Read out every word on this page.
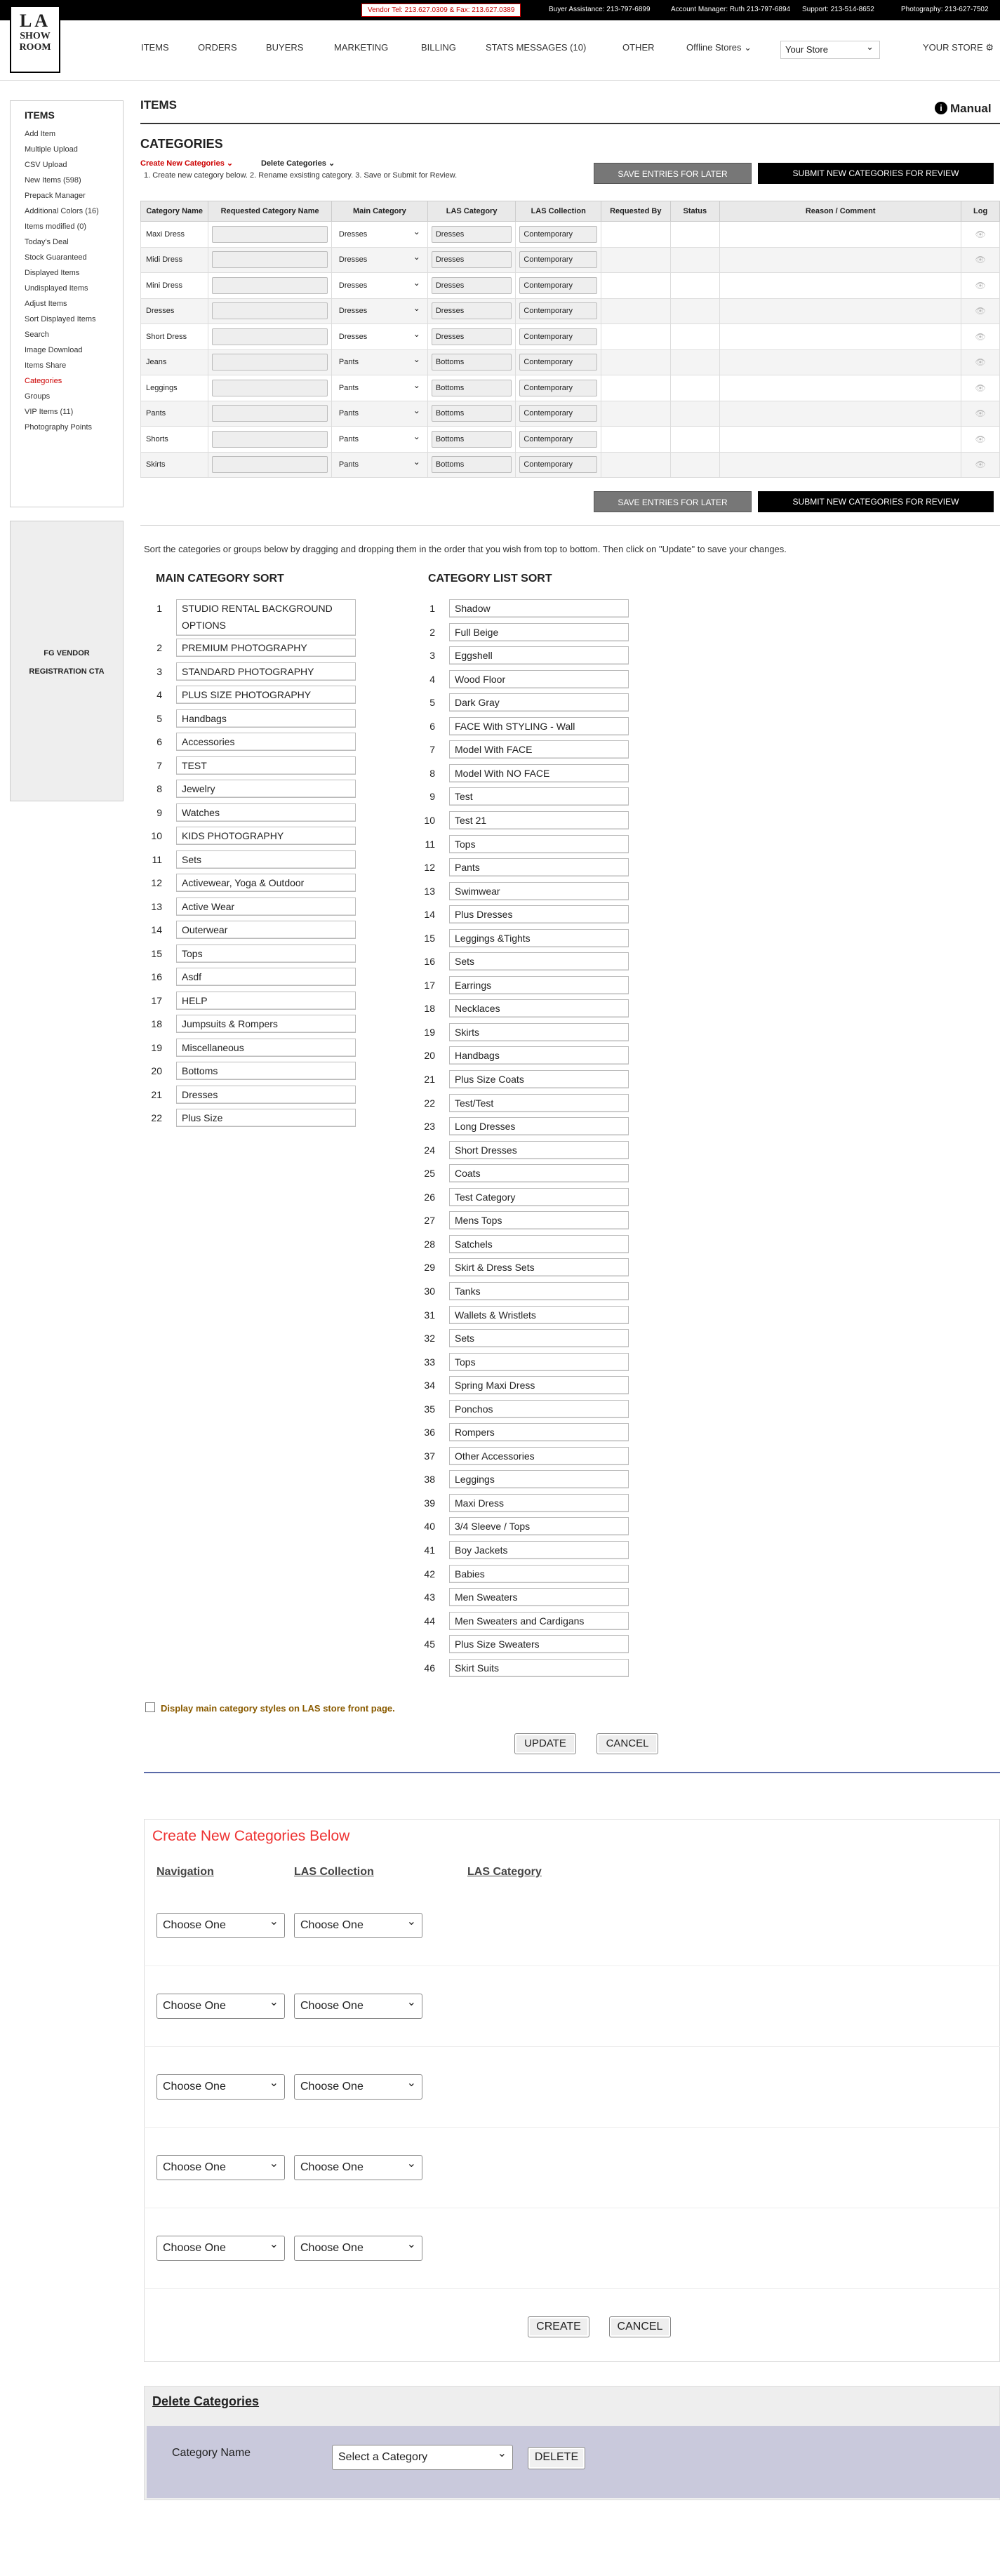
Vendor Tel: 213.627.0309 & Fax: 213.627.0389	Buyer Assistance: 213-797-6899	Account Manager: Ruth 213-797-6894 Support: 213-514-8652	Photography: 213-627-7502
LA
SHOW
ROOM	ITEMS	ORDERS	BUYERS	MARKETING	BILLING	STATS MESSAGES (10)	OTHER	Offline Stores ⌄	Your Store	⌄	YOUR STORE ⚙
ITEMS
Add Item
Multiple Upload
CSV Upload
New Items (598)
Prepack Manager
Additional Colors (16)
Items modified (0)
Today's Deal
Stock Guaranteed
Displayed Items
Undisplayed Items
Adjust Items
Sort Displayed Items
Search
Image Download
Items Share
Categories
Groups
VIP Items (11)
Photography Points
FG VENDOR
REGISTRATION CTA
ITEMS	i Manual
CATEGORIES
Create New Categories ⌄	Delete Categories ⌄
1. Create new category below. 2. Rename exsisting category. 3. Save or Submit for Review.	SAVE ENTRIES FOR LATER	SUBMIT NEW CATEGORIES FOR REVIEW
Category Name	Requested Category Name	Main Category	LAS Category	LAS Collection	Requested By	Status	Reason / Comment	Log
Maxi Dress		Dresses ⌄	Dresses	Contemporary				👁
Midi Dress		Dresses ⌄	Dresses	Contemporary				👁
Mini Dress		Dresses ⌄	Dresses	Contemporary				👁
Dresses		Dresses ⌄	Dresses	Contemporary				👁
Short Dress		Dresses ⌄	Dresses	Contemporary				👁
Jeans		Pants ⌄	Bottoms	Contemporary				👁
Leggings		Pants ⌄	Bottoms	Contemporary				👁
Pants		Pants ⌄	Bottoms	Contemporary				👁
Shorts		Pants ⌄	Bottoms	Contemporary				👁
Skirts		Pants ⌄	Bottoms	Contemporary				👁
SAVE ENTRIES FOR LATER	SUBMIT NEW CATEGORIES FOR REVIEW
Sort the categories or groups below by dragging and dropping them in the order that you wish from top to bottom. Then click on "Update" to save your changes.
MAIN CATEGORY SORT	CATEGORY LIST SORT
1	STUDIO RENTAL BACKGROUND OPTIONS
2	PREMIUM PHOTOGRAPHY
3	STANDARD PHOTOGRAPHY
4	PLUS SIZE PHOTOGRAPHY
5	Handbags
6	Accessories
7	TEST
8	Jewelry
9	Watches
10	KIDS PHOTOGRAPHY
11	Sets
12	Activewear, Yoga & Outdoor
13	Active Wear
14	Outerwear
15	Tops
16	Asdf
17	HELP
18	Jumpsuits & Rompers
19	Miscellaneous
20	Bottoms
21	Dresses
22	Plus Size
1	Shadow
2	Full Beige
3	Eggshell
4	Wood Floor
5	Dark Gray
6	FACE With STYLING - Wall
7	Model With FACE
8	Model With NO FACE
9	Test
10	Test 21
11	Tops
12	Pants
13	Swimwear
14	Plus Dresses
15	Leggings &Tights
16	Sets
17	Earrings
18	Necklaces
19	Skirts
20	Handbags
21	Plus Size Coats
22	Test/Test
23	Long Dresses
24	Short Dresses
25	Coats
26	Test Category
27	Mens Tops
28	Satchels
29	Skirt & Dress Sets
30	Tanks
31	Wallets & Wristlets
32	Sets
33	Tops
34	Spring Maxi Dress
35	Ponchos
36	Rompers
37	Other Accessories
38	Leggings
39	Maxi Dress
40	3/4 Sleeve / Tops
41	Boy Jackets
42	Babies
43	Men Sweaters
44	Men Sweaters and Cardigans
45	Plus Size Sweaters
46	Skirt Suits
Display main category styles on LAS store front page.
UPDATE	CANCEL
Create New Categories Below
Navigation	LAS Collection	LAS Category
Choose One ⌄	Choose One ⌄
Choose One ⌄	Choose One ⌄
Choose One ⌄	Choose One ⌄
Choose One ⌄	Choose One ⌄
Choose One ⌄	Choose One ⌄
CREATE	CANCEL
Delete Categories
Category Name	Select a Category ⌄	DELETE
